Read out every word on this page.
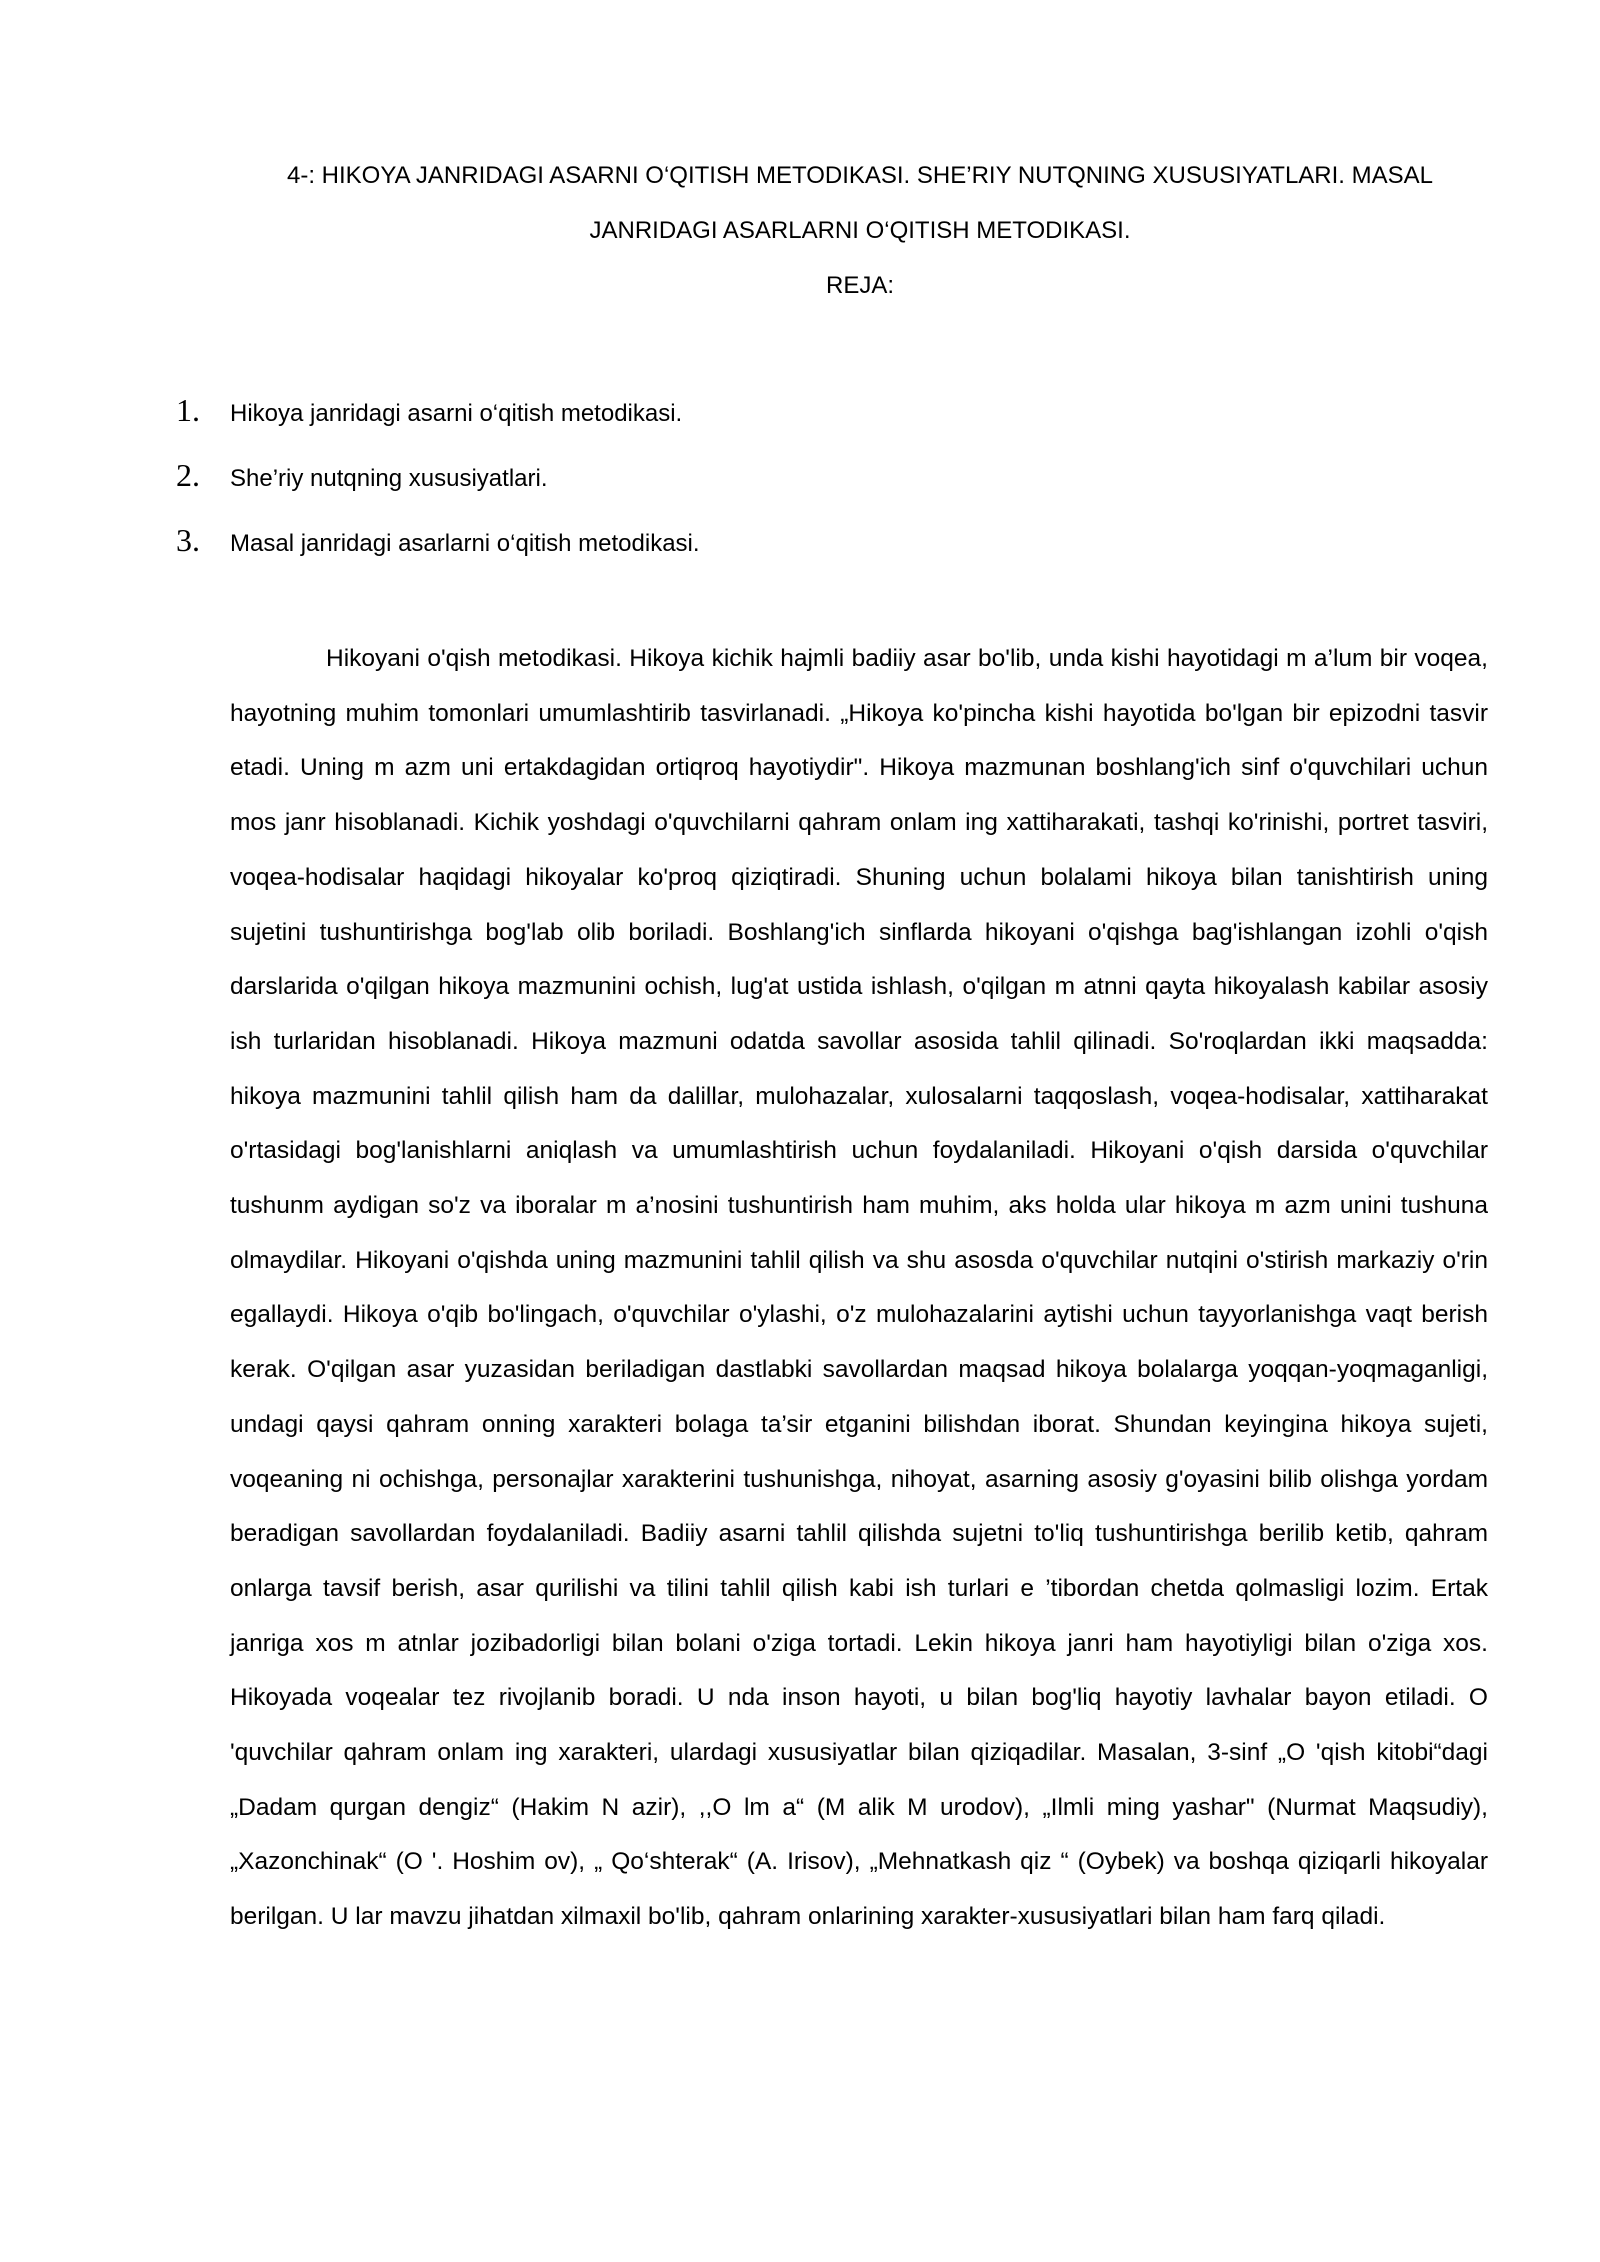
4-: HIKOYA JANRIDAGI ASARNI O‘QITISH METODIKASI. SHE’RIY NUTQNING XUSUSIYATLARI. MASAL
JANRIDAGI ASARLARNI O‘QITISH METODIKASI.
REJA:
1.	Hikoya janridagi asarni o‘qitish metodikasi.
2.	She’riy nutqning xususiyatlari.
3.	Masal janridagi asarlarni o‘qitish metodikasi.

Hikoyani o'qish metodikasi. Hikoya kichik hajmli badiiy asar bo'lib, unda kishi hayotidagi m a’lum bir voqea, hayotning muhim tomonlari umumlashtirib tasvirlanadi. „Hikoya ko'pincha kishi hayotida bo'lgan bir epizodni tasvir etadi. Uning m azm uni ertakdagidan ortiqroq hayotiydir". Hikoya mazmunan boshlang'ich sinf o'quvchilari uchun mos janr hisoblanadi. Kichik yoshdagi o'quvchilarni qahram onlam ing xattiharakati, tashqi ko'rinishi, portret tasviri, voqea-hodisalar haqidagi hikoyalar ko'proq qiziqtiradi. Shuning uchun bolalami hikoya bilan tanishtirish uning sujetini tushuntirishga bog'lab olib boriladi. Boshlang'ich sinflarda hikoyani o'qishga bag'ishlangan izohli o'qish darslarida o'qilgan hikoya mazmunini ochish, lug'at ustida ishlash, o'qilgan m atnni qayta hikoyalash kabilar asosiy ish turlaridan hisoblanadi. Hikoya mazmuni odatda savollar asosida tahlil qilinadi. So'roqlardan ikki maqsadda: hikoya mazmunini tahlil qilish ham da dalillar, mulohazalar, xulosalarni taqqoslash, voqea-hodisalar, xattiharakat o'rtasidagi bog'lanishlarni aniqlash va umumlashtirish uchun foydalaniladi. Hikoyani o'qish darsida o'quvchilar tushunm aydigan so'z va iboralar m a’nosini tushuntirish ham muhim, aks holda ular hikoya m azm unini tushuna olmaydilar. Hikoyani o'qishda uning mazmunini tahlil qilish va shu asosda o'quvchilar nutqini o'stirish markaziy o'rin egallaydi. Hikoya o'qib bo'lingach, o'quvchilar o'ylashi, o'z mulohazalarini aytishi uchun tayyorlanishga vaqt berish kerak. O'qilgan asar yuzasidan beriladigan dastlabki savollardan maqsad hikoya bolalarga yoqqan-yoqmaganligi, undagi qaysi qahram onning xarakteri bolaga ta’sir etganini bilishdan iborat. Shundan keyingina hikoya sujeti, voqeaning ni ochishga, personajlar xarakterini tushunishga, nihoyat, asarning asosiy g'oyasini bilib olishga yordam beradigan savollardan foydalaniladi. Badiiy asarni tahlil qilishda sujetni to'liq tushuntirishga berilib ketib, qahram onlarga tavsif berish, asar qurilishi va tilini tahlil qilish kabi ish turlari e ’tibordan chetda qolmasligi lozim. Ertak janriga xos m atnlar jozibadorligi bilan bolani o'ziga tortadi. Lekin hikoya janri ham hayotiyligi bilan o'ziga xos. Hikoyada voqealar tez rivojlanib boradi. U nda inson hayoti, u bilan bog'liq hayotiy lavhalar bayon etiladi. O 'quvchilar qahram onlam ing xarakteri, ulardagi xususiyatlar bilan qiziqadilar. Masalan, 3-sinf „O 'qish kitobi“dagi „Dadam qurgan dengiz“ (Hakim N azir), ,,O lm a“ (M alik M urodov), „Ilmli ming yashar" (Nurmat Maqsudiy), „Xazonchinak“ (O '. Hoshim ov), „ Qo‘shterak“ (A. Irisov), „Mehnatkash qiz “ (Oybek) va boshqa qiziqarli hikoyalar berilgan. U lar mavzu jihatdan xilmaxil bo'lib, qahram onlarining xarakter-xususiyatlari bilan ham farq qiladi.
